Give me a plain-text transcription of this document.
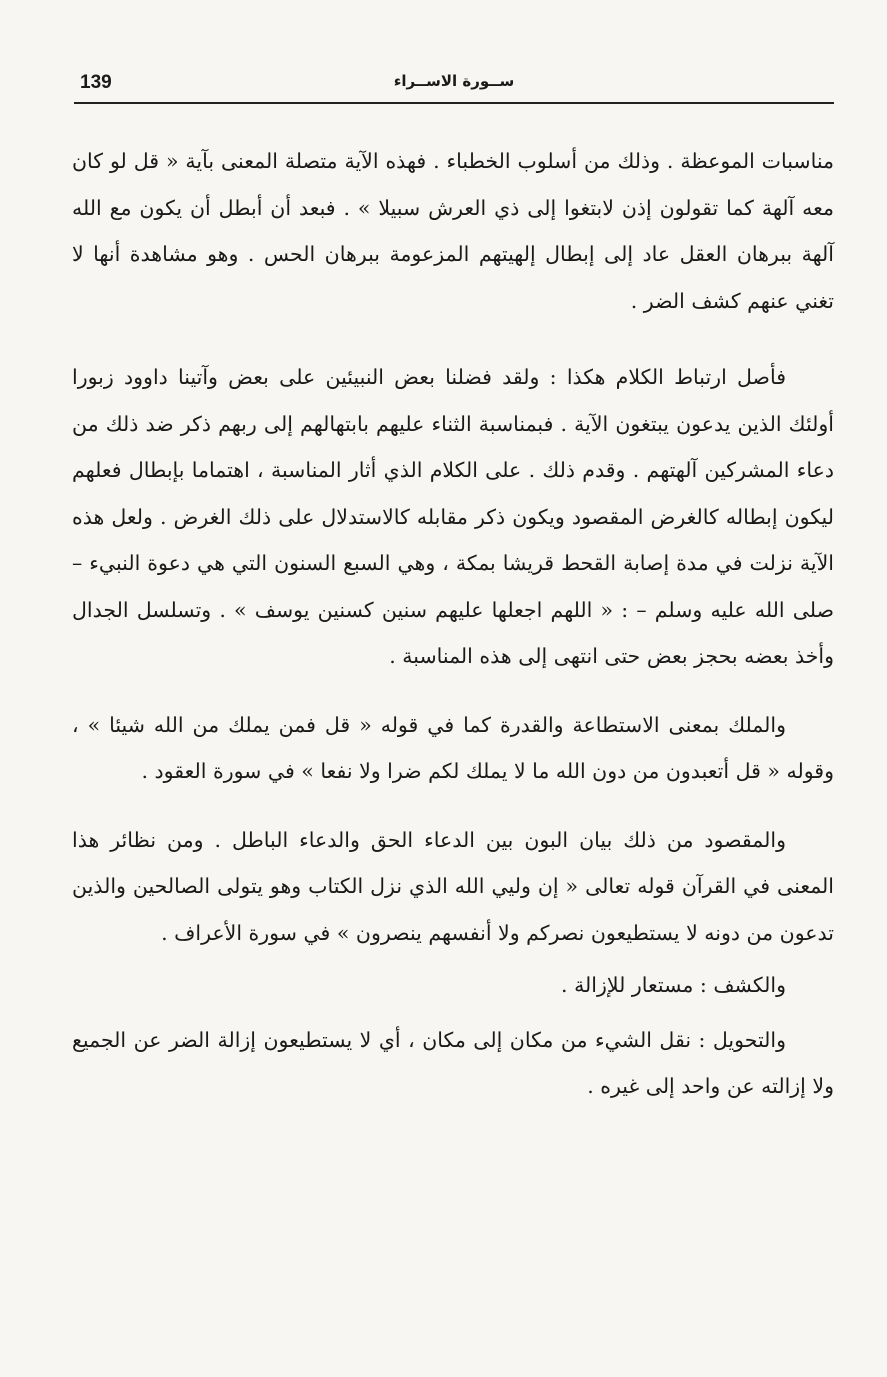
139	ســورة الاســراء

مناسبات الموعظة . وذلك من أسلوب الخطباء . فهذه الآية متصلة المعنى بآية « قل لو كان معه آلهة كما تقولون إذن لابتغوا إلى ذي العرش سبيلا » . فبعد أن أبطل أن يكون مع الله آلهة ببرهان العقل عاد إلى إبطال إلهيتهم المزعومة ببرهان الحس . وهو مشاهدة أنها لا تغني عنهم كشف الضر .

فأصل ارتباط الكلام هكذا : ولقد فضلنا بعض النبيئين على بعض وآتينا داوود زبورا أولئك الذين يدعون يبتغون الآية . فبمناسبة الثناء عليهم بابتهالهم إلى ربهم ذكر ضد ذلك من دعاء المشركين آلهتهم . وقدم ذلك . على الكلام الذي أثار المناسبة ، اهتماما بإبطال فعلهم ليكون إبطاله كالغرض المقصود ويكون ذكر مقابله كالاستدلال على ذلك الغرض . ولعل هذه الآية نزلت في مدة إصابة القحط قريشا بمكة ، وهي السبع السنون التي هي دعوة النبيء – صلى الله عليه وسلم – : « اللهم اجعلها عليهم سنين كسنين يوسف » . وتسلسل الجدال وأخذ بعضه بحجز بعض حتى انتهى إلى هذه المناسبة .

والملك بمعنى الاستطاعة والقدرة كما في قوله « قل فمن يملك من الله شيئا » ، وقوله « قل أتعبدون من دون الله ما لا يملك لكم ضرا ولا نفعا » في سورة العقود .

والمقصود من ذلك بيان البون بين الدعاء الحق والدعاء الباطل . ومن نظائر هذا المعنى في القرآن قوله تعالى « إن وليي الله الذي نزل الكتاب وهو يتولى الصالحين والذين تدعون من دونه لا يستطيعون نصركم ولا أنفسهم ينصرون » في سورة الأعراف .

والكشف : مستعار للإزالة .

والتحويل : نقل الشيء من مكان إلى مكان ، أي لا يستطيعون إزالة الضر عن الجميع ولا إزالته عن واحد إلى غيره .
